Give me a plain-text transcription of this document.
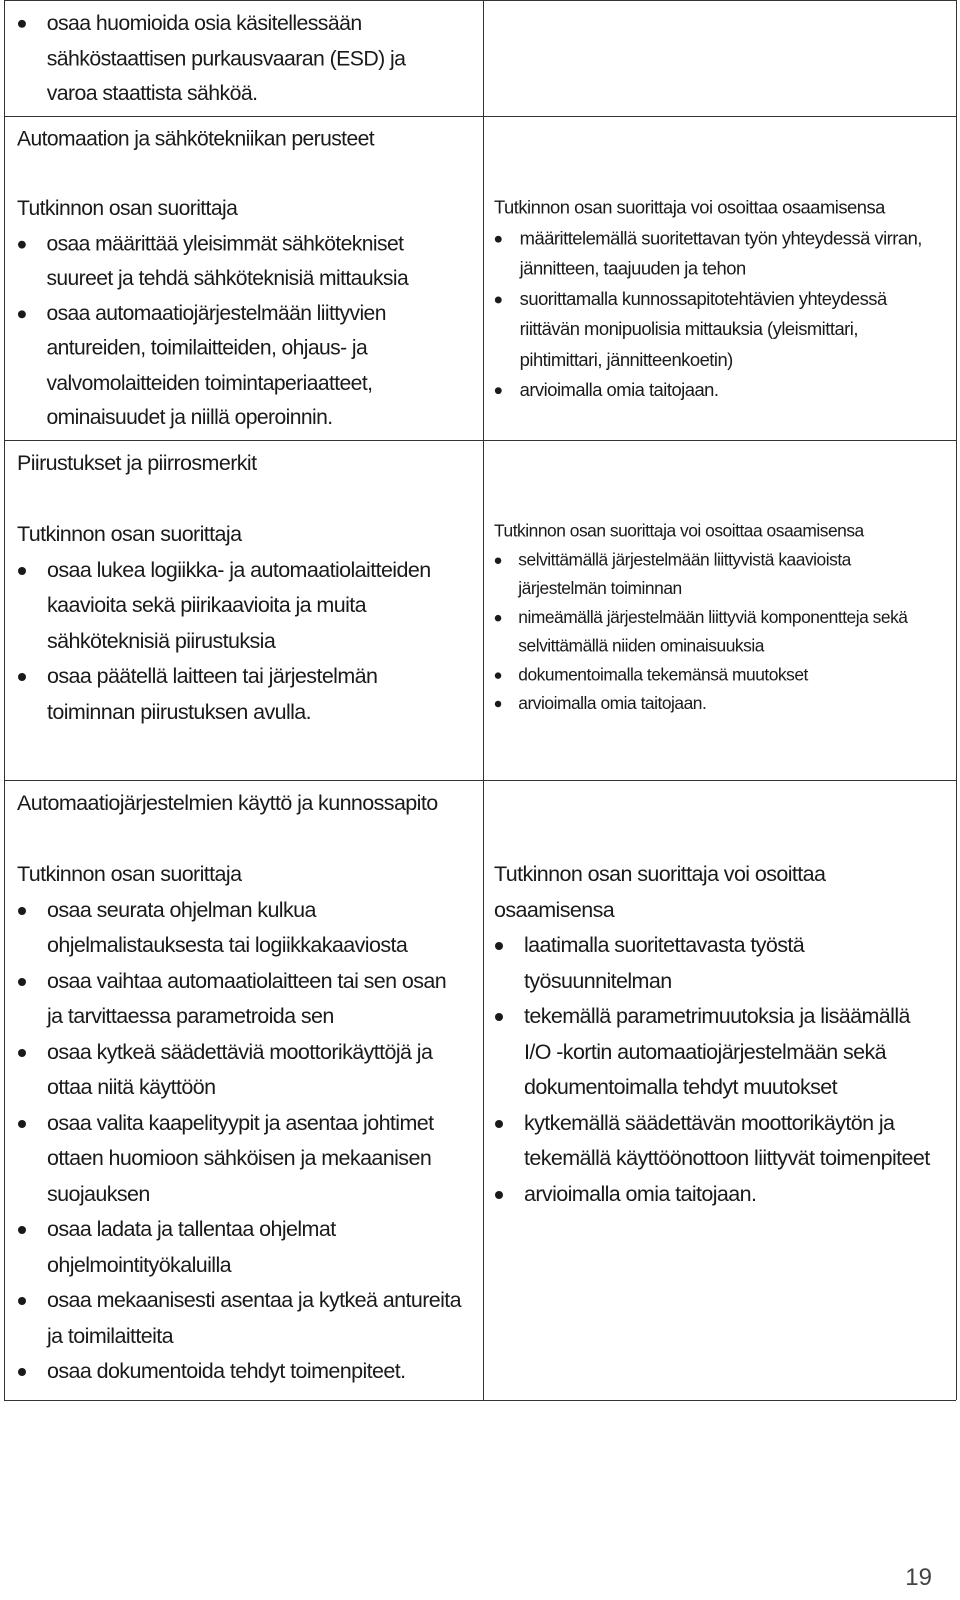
osaa huomioida osia käsitellessään sähköstaattisen purkausvaaran (ESD) ja varoa staattista sähköä.
Automaation ja sähkötekniikan perusteet
Tutkinnon osan suorittaja
osaa määrittää yleisimmät sähkötekniset suureet ja tehdä sähköteknisiä mittauksia
osaa automaatiojärjestelmään liittyvien antureiden, toimilaitteiden, ohjaus- ja valvomolaitteiden toimintaperiaatteet, ominaisuudet ja niillä operoinnin.
Tutkinnon osan suorittaja voi osoittaa osaamisensa
määrittelemällä suoritettavan työn yhteydessä virran, jännitteen, taajuuden ja tehon
suorittamalla kunnossapitotehtävien yhteydessä riittävän monipuolisia mittauksia (yleismittari, pihtimittari, jännitteenkoetin)
arvioimalla omia taitojaan.
Piirustukset ja piirrosmerkit
Tutkinnon osan suorittaja
osaa lukea logiikka- ja automaatiolaitteiden kaavioita sekä piirikaavioita ja muita sähköteknisiä piirustuksia
osaa päätellä laitteen tai järjestelmän toiminnan piirustuksen avulla.
Tutkinnon osan suorittaja voi osoittaa osaamisensa
selvittämällä järjestelmään liittyvistä kaavioista järjestelmän toiminnan
nimeämällä järjestelmään liittyviä komponentteja sekä selvittämällä niiden ominaisuuksia
dokumentoimalla tekemänsä muutokset
arvioimalla omia taitojaan.
Automaatiojärjestelmien käyttö ja kunnossapito
Tutkinnon osan suorittaja
osaa seurata ohjelman kulkua ohjelmalistauksesta tai logiikkakaaviosta
osaa vaihtaa automaatiolaitteen tai sen osan ja tarvittaessa parametroida sen
osaa kytkeä säädettäviä moottorikäyttöjä ja ottaa niitä käyttöön
osaa valita kaapelityypit ja asentaa johtimet ottaen huomioon sähköisen ja mekaanisen suojauksen
osaa ladata ja tallentaa ohjelmat ohjelmointityökaluilla
osaa mekaanisesti asentaa ja kytkeä antureita ja toimilaitteita
osaa dokumentoida tehdyt toimenpiteet.
Tutkinnon osan suorittaja voi osoittaa osaamisensa
laatimalla suoritettavasta työstä työsuunnitelman
tekemällä parametrimuutoksia ja lisäämällä I/O -kortin automaatiojärjestelmään sekä dokumentoimalla tehdyt muutokset
kytkemällä säädettävän moottorikäytön ja tekemällä käyttöönottoon liittyvät toimenpiteet
arvioimalla omia taitojaan.
19
